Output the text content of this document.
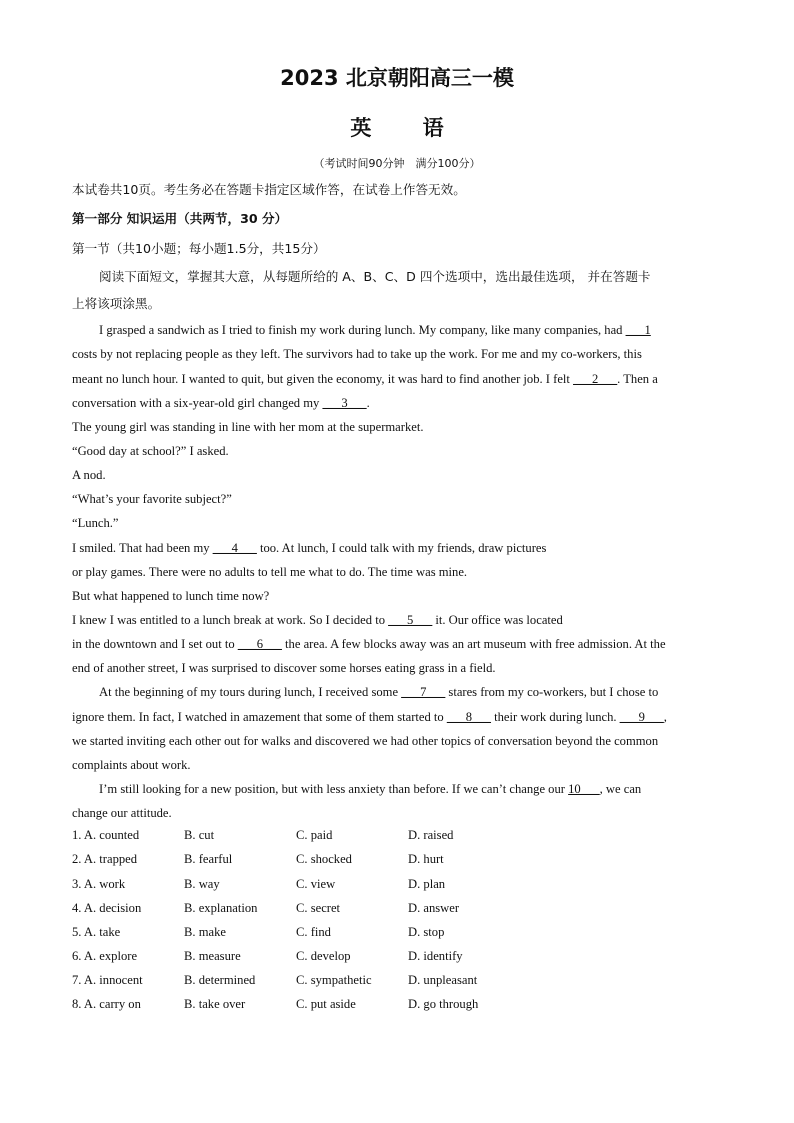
2023 北京朝阳高三一模
英 语
（考试时间90分钟　满分100分）
本试卷共10页。考生务必在答题卡指定区域作答，在试卷上作答无效。
第一部分 知识运用（共两节，30 分）
第一节（共10小题；每小题1.5分，共15分）
阅读下面短文，掌握其大意，从每题所给的 A、B、C、D 四个选项中，选出最佳选项， 并在答题卡
上将该项涂黑。
I grasped a sandwich as I tried to finish my work during lunch. My company, like many companies, had ___1
costs by not replacing people as they left. The survivors had to take up the work. For me and my co-workers, this
meant no lunch hour. I wanted to quit, but given the economy, it was hard to find another job. I felt ___2___. Then a
conversation with a six-year-old girl changed my ___3___.
The young girl was standing in line with her mom at the supermarket.
“Good day at school?” I asked.
A nod.
“What’s your favorite subject?”
“Lunch.”
I smiled. That had been my ___4___ too. At lunch, I could talk with my friends, draw pictures
or play games. There were no adults to tell me what to do. The time was mine.
But what happened to lunch time now?
I knew I was entitled to a lunch break at work. So I decided to ___5___ it. Our office was located
in the downtown and I set out to ___6___ the area. A few blocks away was an art museum with free admission. At the
end of another street, I was surprised to discover some horses eating grass in a field.
At the beginning of my tours during lunch, I received some ___7___ stares from my co-workers, but I chose to
ignore them. In fact, I watched in amazement that some of them started to ___8___ their work during lunch. ___9___,
we started inviting each other out for walks and discovered we had other topics of conversation beyond the common
complaints about work.
I’m still looking for a new position, but with less anxiety than before. If we can’t change our 10___, we can
change our attitude.
1. A. counted	B. cut	C. paid	D. raised
2. A. trapped	B. fearful	C. shocked	D. hurt
3. A. work	B. way	C. view	D. plan
4. A. decision	B. explanation	C. secret	D. answer
5. A. take	B. make	C. find	D. stop
6. A. explore	B. measure	C. develop	D. identify
7. A. innocent	B. determined	C. sympathetic	D. unpleasant
8. A. carry on	B. take over	C. put aside	D. go through
